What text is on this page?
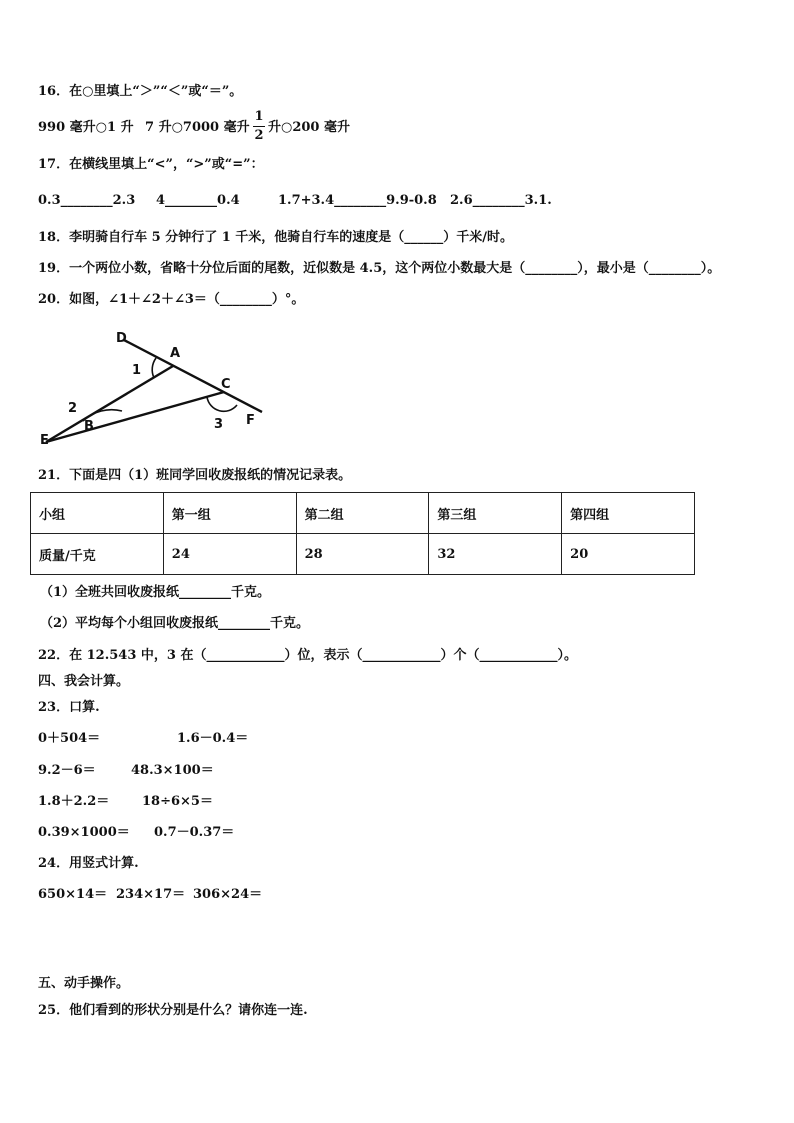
16．在○里填上“＞”“＜”或“＝”。
990 毫升○1 升 7 升○7000 毫升
1
2
升○200 毫升
17．在横线里填上“<”，“>”或“=”：
0.3________2.3 4________0.4	1.7+3.4________9.9-0.8 2.6________3.1.
18．李明骑自行车 5 分钟行了 1 千米，他骑自行车的速度是（______）千米/时。
19．一个两位小数，省略十分位后面的尾数，近似数是 4.5，这个两位小数最大是（________），最小是（________）。
20．如图，∠1＋∠2＋∠3＝（________）°。
D
A
C
B
E
F
1
2
3
21．下面是四（1）班同学回收废报纸的情况记录表。
小组	第一组	第二组	第三组	第四组
质量/千克	24	28	32	20
（1）全班共回收废报纸________千克。
（2）平均每个小组回收废报纸________千克。
22．在 12.543 中，3 在（____________）位，表示（____________）个（____________）。
四、我会计算。
23．口算.
0＋504＝	1.6－0.4＝
9.2－6＝	48.3×100＝
1.8＋2.2＝	18÷6×5＝
0.39×1000＝ 0.7－0.37＝
24．用竖式计算.
650×14＝ 234×17＝ 306×24＝
五、动手操作。
25．他们看到的形状分别是什么？请你连一连.
